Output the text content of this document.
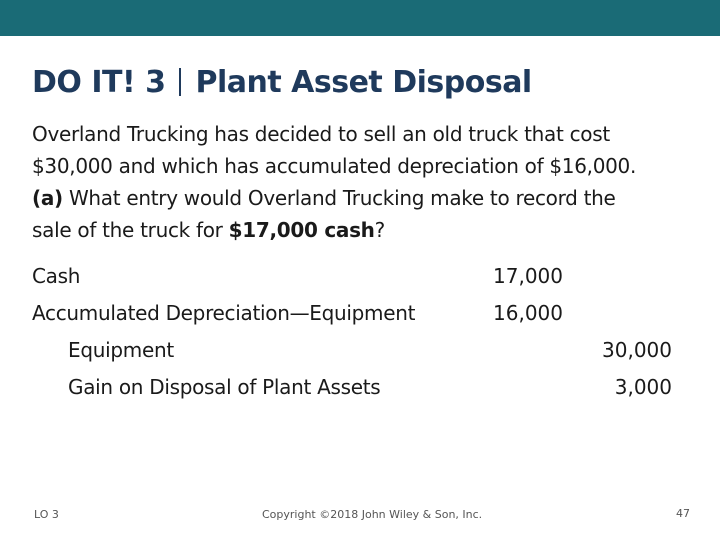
DO IT! 3 Plant Asset Disposal
Overland Trucking has decided to sell an old truck that cost
$30,000 and which has accumulated depreciation of $16,000.
(a) What entry would Overland Trucking make to record the
sale of the truck for $17,000 cash?
Cash
Accumulated Depreciation—Equipment
Equipment
Gain on Disposal of Plant Assets
17,000
16,000
30,000
3,000
LO 3	Copyright ©2018 John Wiley & Son, Inc.	47
